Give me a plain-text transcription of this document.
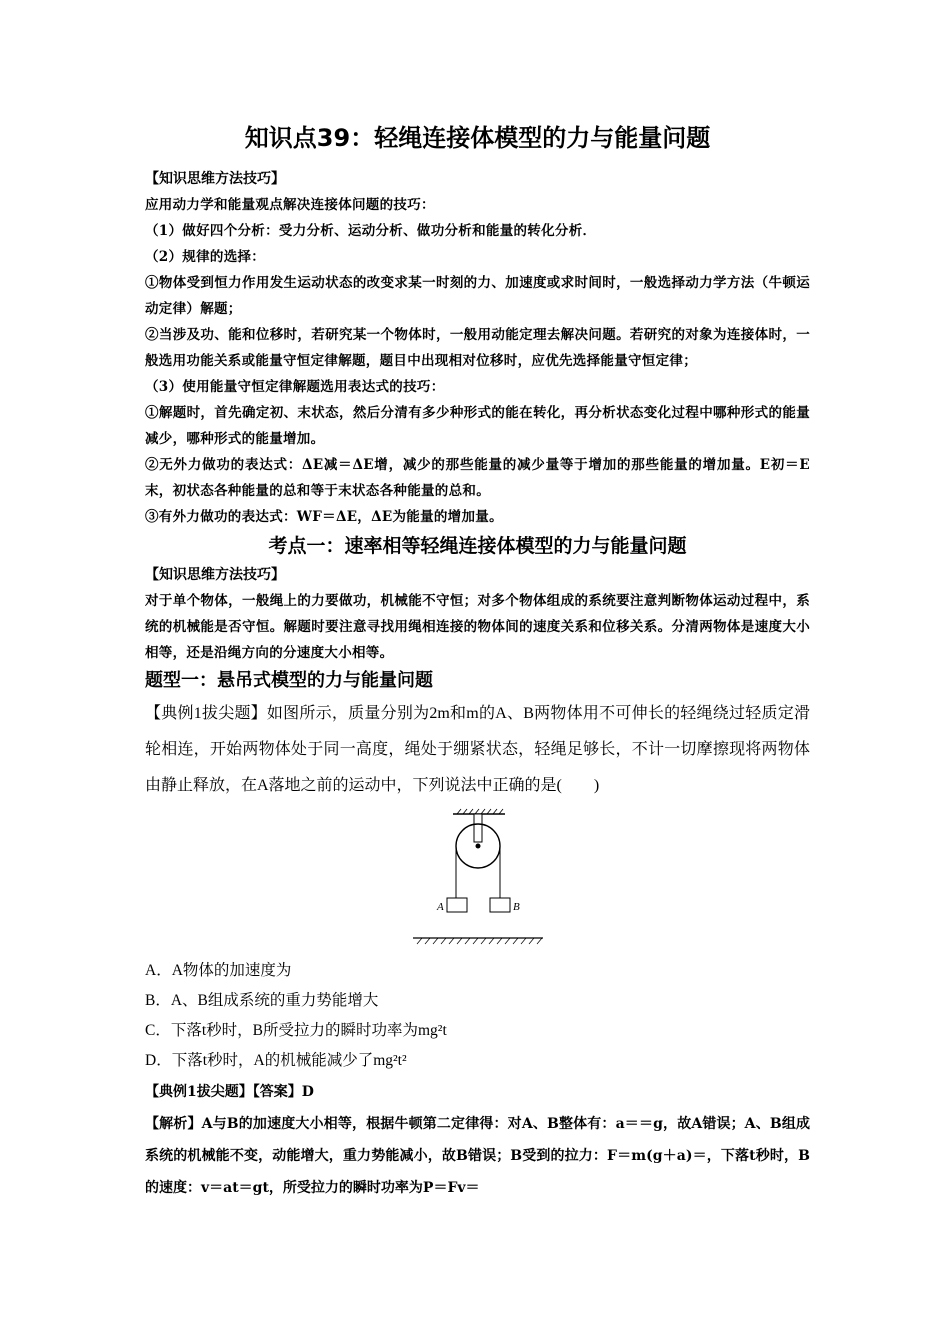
知识点39：轻绳连接体模型的力与能量问题
【知识思维方法技巧】
应用动力学和能量观点解决连接体问题的技巧：
（1）做好四个分析：受力分析、运动分析、做功分析和能量的转化分析．
（2）规律的选择：
①物体受到恒力作用发生运动状态的改变求某一时刻的力、加速度或求时间时，一般选择动力学方法（牛顿运动定律）解题；
②当涉及功、能和位移时，若研究某一个物体时，一般用动能定理去解决问题。若研究的对象为连接体时，一般选用功能关系或能量守恒定律解题，题目中出现相对位移时，应优先选择能量守恒定律；
（3）使用能量守恒定律解题选用表达式的技巧：
①解题时，首先确定初、末状态，然后分清有多少种形式的能在转化，再分析状态变化过程中哪种形式的能量减少，哪种形式的能量增加。
②无外力做功的表达式：ΔE减＝ΔE增，减少的那些能量的减少量等于增加的那些能量的增加量。E初＝E末，初状态各种能量的总和等于末状态各种能量的总和。
③有外力做功的表达式：WF＝ΔE，ΔE为能量的增加量。
考点一：速率相等轻绳连接体模型的力与能量问题
【知识思维方法技巧】
对于单个物体，一般绳上的力要做功，机械能不守恒；对多个物体组成的系统要注意判断物体运动过程中，系统的机械能是否守恒。解题时要注意寻找用绳相连接的物体间的速度关系和位移关系。分清两物体是速度大小相等，还是沿绳方向的分速度大小相等。
题型一：悬吊式模型的力与能量问题
【典例1拔尖题】如图所示，质量分别为2m和m的A、B两物体用不可伸长的轻绳绕过轻质定滑轮相连，开始两物体处于同一高度，绳处于绷紧状态，轻绳足够长，不计一切摩擦现将两物体由静止释放，在A落地之前的运动中，下列说法中正确的是(　　)
A	B
A．A物体的加速度为
B．A、B组成系统的重力势能增大
C．下落t秒时，B所受拉力的瞬时功率为mg²t
D．下落t秒时，A的机械能减少了mg²t²
【典例1拔尖题】【答案】D
【解析】A与B的加速度大小相等，根据牛顿第二定律得：对A、B整体有：a＝＝g，故A错误；A、B组成系统的机械能不变，动能增大，重力势能减小，故B错误；B受到的拉力：F＝m(g＋a)＝，下落t秒时，B的速度：v＝at＝gt，所受拉力的瞬时功率为P＝Fv＝
